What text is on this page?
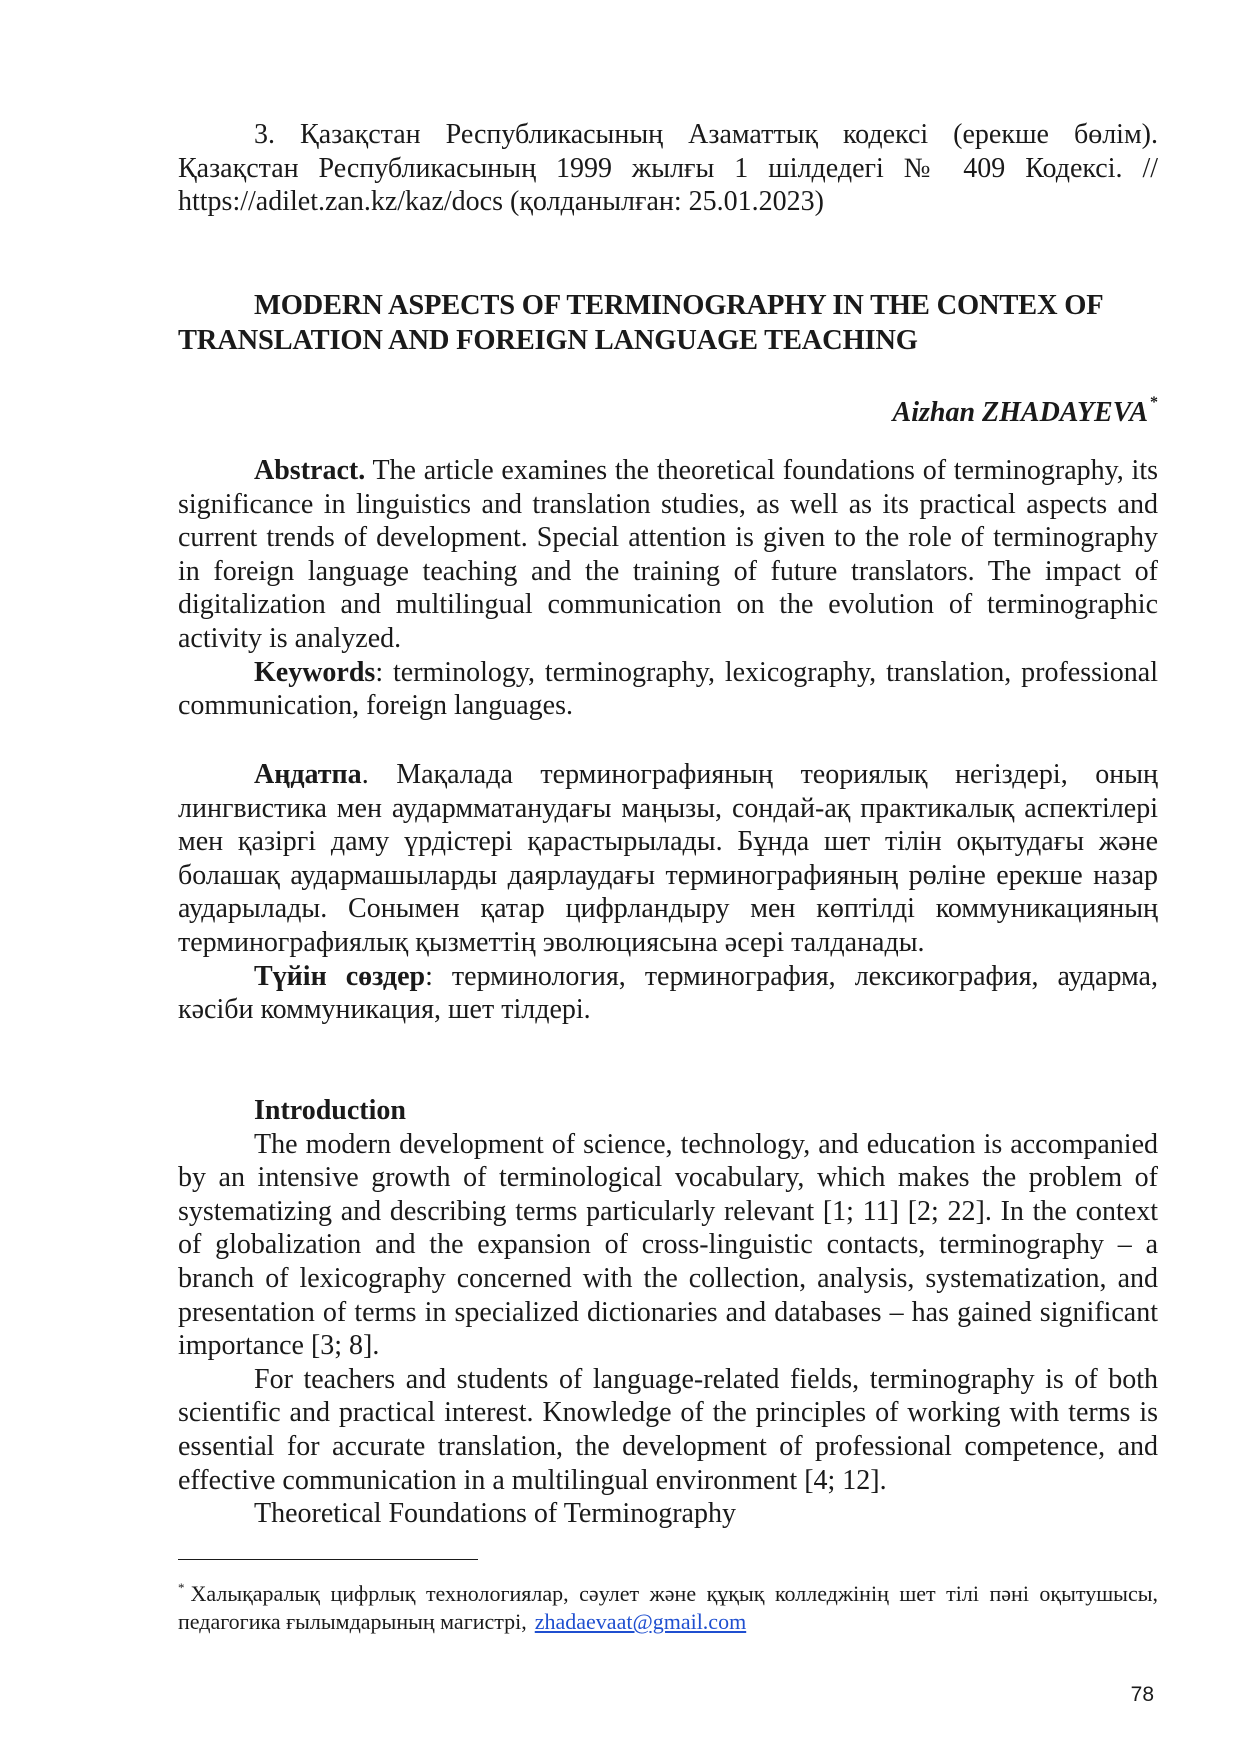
3. Қазақстан Республикасының Азаматтық кодексі (ерекше бөлім). Қазақстан Республикасының 1999 жылғы 1 шілдедегі № 409 Кодексі. // https://adilet.zan.kz/kaz/docs (қолданылған: 25.01.2023)

MODERN ASPECTS OF TERMINOGRAPHY IN THE CONTEX OF TRANSLATION AND FOREIGN LANGUAGE TEACHING

Aizhan ZHADAYEVA *

Abstract. The article examines the theoretical foundations of terminography, its significance in linguistics and translation studies, as well as its practical aspects and current trends of development. Special attention is given to the role of terminography in foreign language teaching and the training of future translators. The impact of digitalization and multilingual communication on the evolution of terminographic activity is analyzed.

Keywords: terminology, terminography, lexicography, translation, professional communication, foreign languages.

Аңдатпа. Мақалада терминографияның теориялық негіздері, оның лингвистика мен аудармматанудағы маңызы, сондай-ақ практикалық аспектілері мен қазіргі даму үрдістері қарастырылады. Бұнда шет тілін оқытудағы және болашақ аудармашыларды даярлаудағы терминографияның рөліне ерекше назар аударылады. Сонымен қатар цифрландыру мен көптілді коммуникацияның терминографиялық қызметтің эволюциясына әсері талданады.

Түйін сөздер: терминология, терминография, лексикография, аударма, кәсіби коммуникация, шет тілдері.

Introduction

The modern development of science, technology, and education is accompanied by an intensive growth of terminological vocabulary, which makes the problem of systematizing and describing terms particularly relevant [1; 11] [2; 22]. In the context of globalization and the expansion of cross-linguistic contacts, terminography – a branch of lexicography concerned with the collection, analysis, systematization, and presentation of terms in specialized dictionaries and databases – has gained significant importance [3; 8].

For teachers and students of language-related fields, terminography is of both scientific and practical interest. Knowledge of the principles of working with terms is essential for accurate translation, the development of professional competence, and effective communication in a multilingual environment [4; 12].

Theoretical Foundations of Terminography

* Халықаралық цифрлық технологиялар, сәулет және құқық колледжінің шет тілі пәні оқытушысы, педагогика ғылымдарының магистрі, zhadaevaat@gmail.com
78
